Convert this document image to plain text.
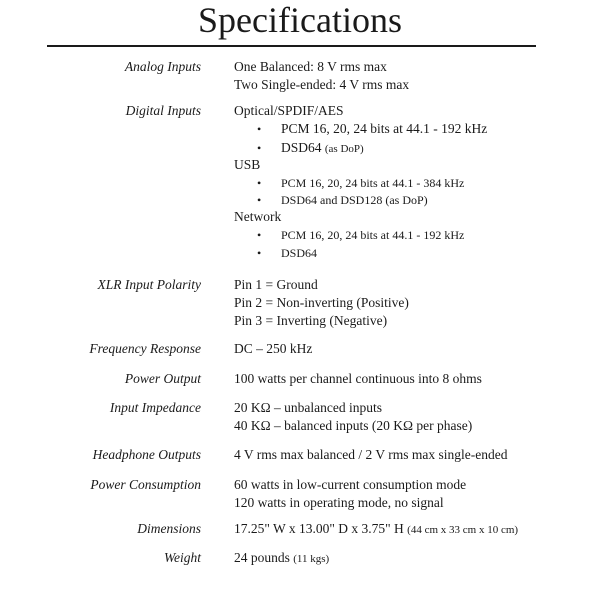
Specifications
Analog Inputs One Balanced: 8 V rms max
Two Single-ended: 4 V rms max
Digital Inputs Optical/SPDIF/AES
• PCM 16, 20, 24 bits at 44.1 - 192 kHz
• DSD64 (as DoP)
USB
• PCM 16, 20, 24 bits at 44.1 - 384 kHz
• DSD64 and DSD128 (as DoP)
Network
• PCM 16, 20, 24 bits at 44.1 - 192 kHz
• DSD64
XLR Input Polarity Pin 1 = Ground
Pin 2 = Non-inverting (Positive)
Pin 3 = Inverting (Negative)
Frequency Response DC – 250 kHz
Power Output 100 watts per channel continuous into 8 ohms
Input Impedance 20 KΩ – unbalanced inputs
40 KΩ – balanced inputs (20 KΩ per phase)
Headphone Outputs 4 V rms max balanced / 2 V rms max single-ended
Power Consumption 60 watts in low-current consumption mode
120 watts in operating mode, no signal
Dimensions 17.25" W x 13.00" D x 3.75" H (44 cm x 33 cm x 10 cm)
Weight 24 pounds (11 kgs)
